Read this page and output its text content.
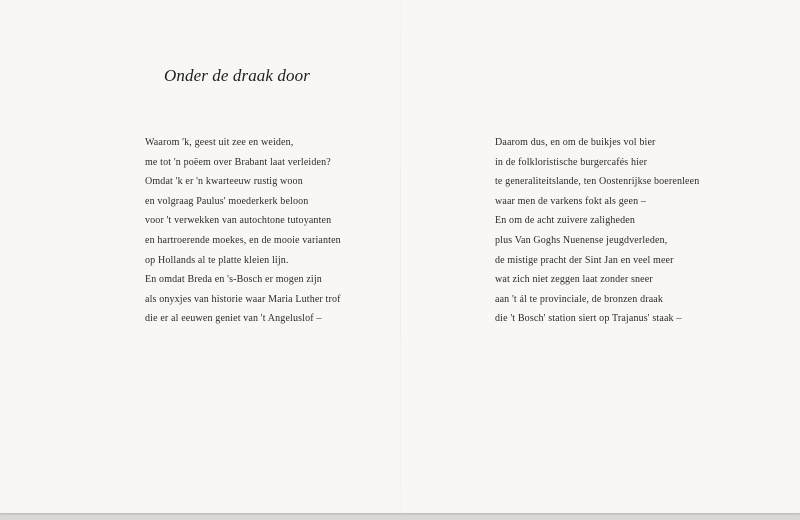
Onder de draak door
Waarom 'k, geest uit zee en weiden,
me tot 'n poëem over Brabant laat verleiden?
Omdat 'k er 'n kwarteeuw rustig woon
en volgraag Paulus' moederkerk beloon
voor 't verwekken van autochtone tutoyanten
en hartroerende moekes, en de mooie varianten
op Hollands al te platte kleien lijn.
En omdat Breda en 's-Bosch er mogen zijn
als onyxjes van historie waar Maria Luther trof
die er al eeuwen geniet van 't Angeluslof –
Daarom dus, en om de buikjes vol bier
in de folkloristische burgercafés hier
te generaliteitslande, ten Oostenrijkse boerenleen
waar men de varkens fokt als geen –
En om de acht zuivere zaligheden
plus Van Goghs Nuenense jeugdverleden,
de mistige pracht der Sint Jan en veel meer
wat zich niet zeggen laat zonder sneer
aan 't ál te provinciale, de bronzen draak
die 't Bosch' station siert op Trajanus' staak –
